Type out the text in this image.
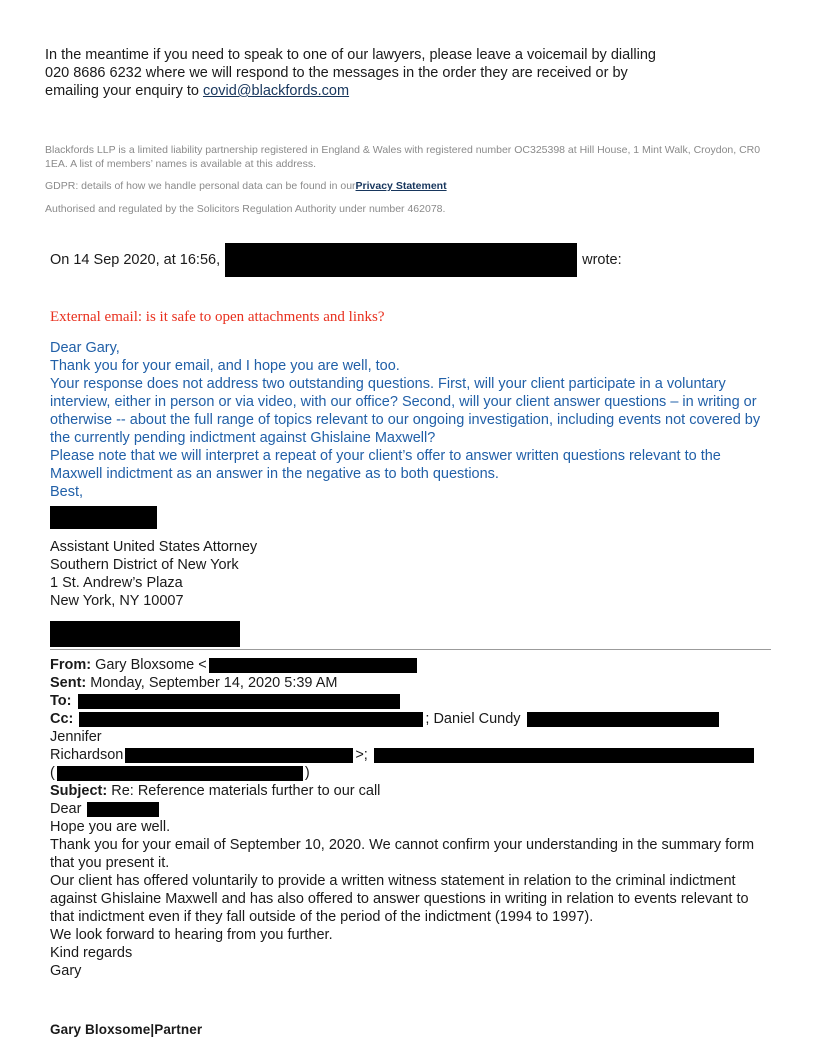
In the meantime if you need to speak to one of our lawyers, please leave a voicemail by dialling 020 8686 6232 where we will respond to the messages in the order they are received or by emailing your enquiry to covid@blackfords.com

Blackfords LLP is a limited liability partnership registered in England & Wales with registered number OC325398 at Hill House, 1 Mint Walk, Croydon, CR0 1EA. A list of members’ names is available at this address.

GDPR: details of how we handle personal data can be found in ourPrivacy Statement

Authorised and regulated by the Solicitors Regulation Authority under number 462078.

On 14 Sep 2020, at 16:56,	wrote:

External email: is it safe to open attachments and links?

Dear Gary,

Thank you for your email, and I hope you are well, too.

Your response does not address two outstanding questions. First, will your client participate in a voluntary interview, either in person or via video, with our office? Second, will your client answer questions – in writing or otherwise -- about the full range of topics relevant to our ongoing investigation, including events not covered by the currently pending indictment against Ghislaine Maxwell?

Please note that we will interpret a repeat of your client’s offer to answer written questions relevant to the Maxwell indictment as an answer in the negative as to both questions.

Best,

Assistant United States Attorney

Southern District of New York

1 St. Andrew’s Plaza

New York, NY 10007

From: Gary Bloxsome <

Sent: Monday, September 14, 2020 5:39 AM

To:

Cc:	; Daniel Cundy  Jennifer
Richardson	>;
(	)

Subject: Re: Reference materials further to our call

Dear

Hope you are well.

Thank you for your email of September 10, 2020. We cannot confirm your understanding in the summary form that you present it.

Our client has offered voluntarily to provide a written witness statement in relation to the criminal indictment against Ghislaine Maxwell and has also offered to answer questions in writing in relation to events relevant to that indictment even if they fall outside of the period of the indictment (1994 to 1997).

We look forward to hearing from you further.

Kind regards

Gary

Gary Bloxsome|Partner
